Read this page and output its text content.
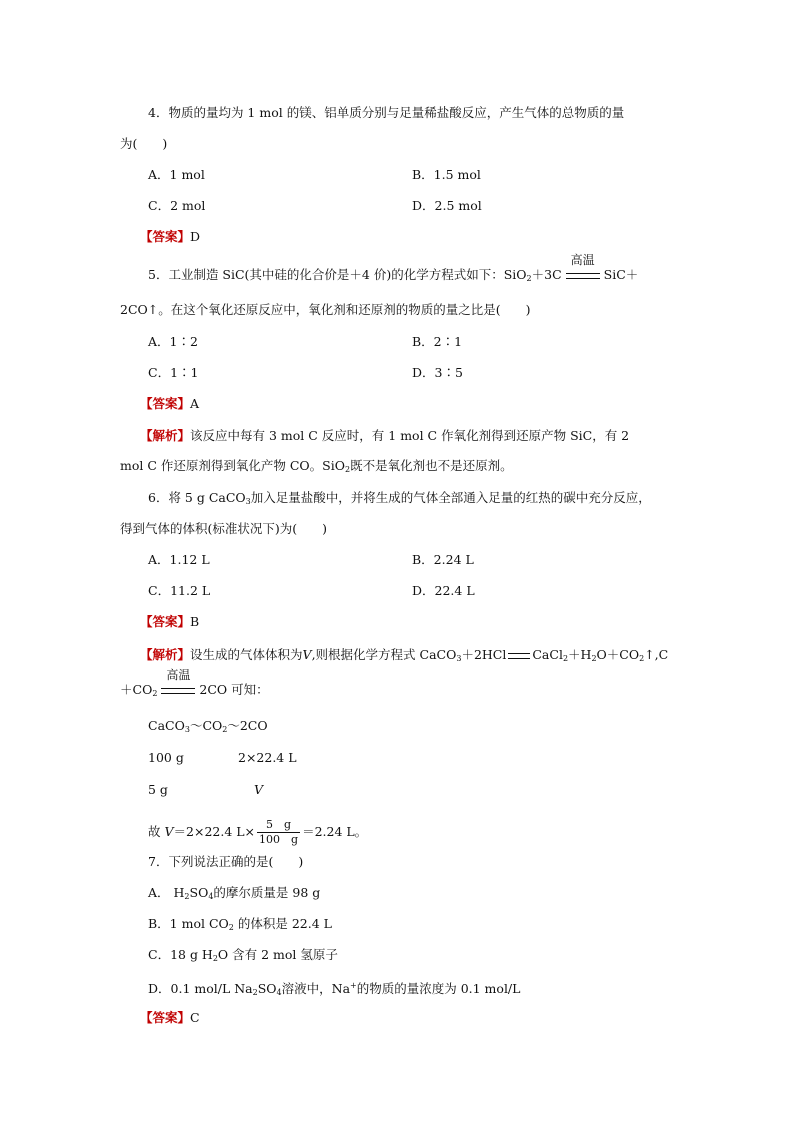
4．物质的量均为 1 mol 的镁、铝单质分别与足量稀盐酸反应，产生气体的总物质的量
为(　　)
A．1 mol	B．1.5 mol
C．2 mol	D．2.5 mol
【答案】D
5．工业制造 SiC(其中硅的化合价是＋4 价)的化学方程式如下：SiO$_2$＋3C
高温
SiC＋
2CO↑。在这个氧化还原反应中，氧化剂和还原剂的物质的量之比是(　　)
A．1∶2	B．2∶1
C．1∶1	D．3∶5
【答案】A
【解析】该反应中每有 3 mol C 反应时，有 1 mol C 作氧化剂得到还原产物 SiC，有 2
mol C 作还原剂得到氧化产物 CO。SiO$_2$既不是氧化剂也不是还原剂。
6．将 5 g CaCO$_3$加入足量盐酸中，并将生成的气体全部通入足量的红热的碳中充分反应，
得到气体的体积(标准状况下)为(　　)
A．1.12 L	B．2.24 L
C．11.2 L	D．22.4 L
【答案】B
【解析】设生成的气体体积为V,则根据化学方程式 CaCO$_3$＋2HCl $CaCl_2+H_2O+CO_2↑,C$
$+CO_2$
高温
2CO 可知：
$CaCO_3\sim CO_2\sim 2CO$
100 g	2×22.4 L
5 g	V
故 V＝2×22.4 $L\times \frac{5 g}{100 g} =2.24$ L。
7．下列说法正确的是(　　)
A． $H_2SO_4$的摩尔质量是 98 g
B．1 mol $CO_2$ 的体积是 22.4 L
C．18 g $H_2O$ 含有 2 mol 氢原子
D．0.1 mol/L $Na_2SO_4$溶液中，Na+的物质的量浓度为 0.1 mol/L
【答案】C
